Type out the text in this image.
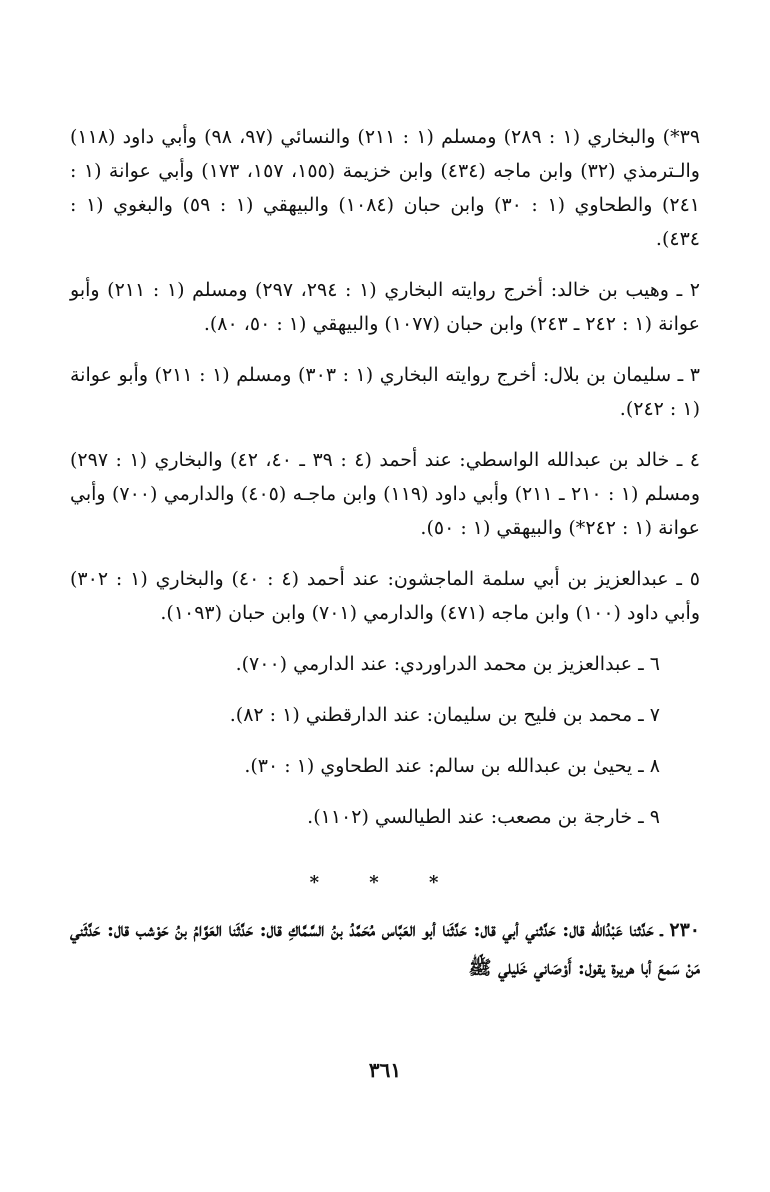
٣٩*) والبخاري (١ : ٢٨٩) ومسلم (١ : ٢١١) والنسائي (٩٧، ٩٨) وأبي داود (١١٨) والـترمذي (٣٢) وابن ماجه (٤٣٤) وابن خزيمة (١٥٥، ١٥٧، ١٧٣) وأبي عوانة (١ : ٢٤١) والطحاوي (١ : ٣٠) وابن حبان (١٠٨٤) والبيهقي (١ : ٥٩) والبغوي (١ : ٤٣٤).

٢ ـ وهيب بن خالد: أخرج روايته البخاري (١ : ٢٩٤، ٢٩٧) ومسلم (١ : ٢١١) وأبو عوانة (١ : ٢٤٢ ـ ٢٤٣) وابن حبان (١٠٧٧) والبيهقي (١ : ٥٠، ٨٠).

٣ ـ سليمان بن بلال: أخرج روايته البخاري (١ : ٣٠٣) ومسلم (١ : ٢١١) وأبو عوانة (١ : ٢٤٢).

٤ ـ خالد بن عبدالله الواسطي: عند أحمد (٤ : ٣٩ ـ ٤٠، ٤٢) والبخاري (١ : ٢٩٧) ومسلم (١ : ٢١٠ ـ ٢١١) وأبي داود (١١٩) وابن ماجـه (٤٠٥) والدارمي (٧٠٠) وأبي عوانة (١ : ٢٤٢*) والبيهقي (١ : ٥٠).

٥ ـ عبدالعزيز بن أبي سلمة الماجشون: عند أحمد (٤ : ٤٠) والبخاري (١ : ٣٠٢) وأبي داود (١٠٠) وابن ماجه (٤٧١) والدارمي (٧٠١) وابن حبان (١٠٩٣).

٦ ـ عبدالعزيز بن محمد الدراوردي: عند الدارمي (٧٠٠).

٧ ـ محمد بن فليح بن سليمان: عند الدارقطني (١ : ٨٢).

٨ ـ يحيىٰ بن عبدالله بن سالم: عند الطحاوي (١ : ٣٠).

٩ ـ خارجة بن مصعب: عند الطيالسي (١١٠٢).

* * *

٢٣٠ ـ حَدَّثنا عَبْدُالله قال: حَدَّثني أبي قال: حَدَّثَنا أبو العَبَّاس مُحَمَّدُ بنُ السَّمَّاكِ قال: حَدَّثَنا العَوَّامُ بنُ حَوْشب قال: حَدَّثَني مَنْ سَمعَ أبا هريرة يقول: أَوْصَاني خَليلي ﷺ

٣٦١
